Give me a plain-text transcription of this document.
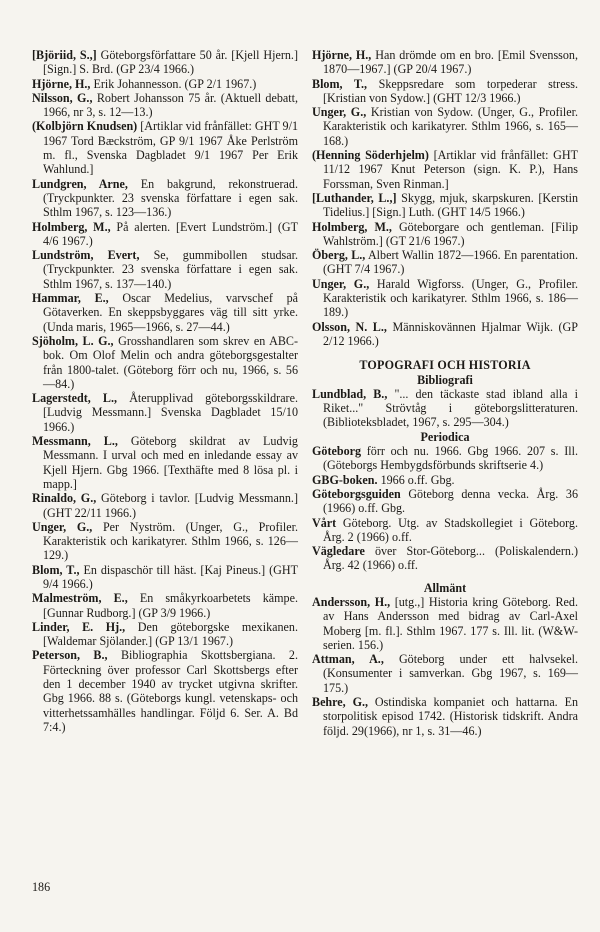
[Björiid, S.,] Göteborgsförfattare 50 år. [Kjell Hjern.] [Sign.] S. Brd. (GP 23/4 1966.)
Hjörne, H., Erik Johannesson. (GP 2/1 1967.)
Nilsson, G., Robert Johansson 75 år. (Aktuell debatt, 1966, nr 3, s. 12—13.)
(Kolbjörn Knudsen) [Artiklar vid frånfället: GHT 9/1 1967 Tord Bæckström, GP 9/1 1967 Åke Perlström m. fl., Svenska Dagbladet 9/1 1967 Per Erik Wahlund.]
Lundgren, Arne, En bakgrund, rekonstruerad. (Tryckpunkter. 23 svenska författare i egen sak. Sthlm 1967, s. 123—136.)
Holmberg, M., På alerten. [Evert Lundström.] (GT 4/6 1967.)
Lundström, Evert, Se, gummibollen studsar. (Tryckpunkter. 23 svenska författare i egen sak. Sthlm 1967, s. 137—140.)
Hammar, E., Oscar Medelius, varvschef på Götaverken. En skeppsbyggares väg till sitt yrke. (Unda maris, 1965—1966, s. 27—44.)
Sjöholm, L. G., Grosshandlaren som skrev en ABC-bok. Om Olof Melin och andra göteborgsgestalter från 1800-talet. (Göteborg förr och nu, 1966, s. 56—84.)
Lagerstedt, L., Återupplivad göteborgsskildrare. [Ludvig Messmann.] Svenska Dagbladet 15/10 1966.)
Messmann, L., Göteborg skildrat av Ludvig Messmann. I urval och med en inledande essay av Kjell Hjern. Gbg 1966. [Texthäfte med 8 lösa pl. i mapp.]
Rinaldo, G., Göteborg i tavlor. [Ludvig Messmann.] (GHT 22/11 1966.)
Unger, G., Per Nyström. (Unger, G., Profiler. Karakteristik och karikatyrer. Sthlm 1966, s. 126—129.)
Blom, T., En dispaschör till häst. [Kaj Pineus.] (GHT 9/4 1966.)
Malmeström, E., En småkyrkoarbetets kämpe. [Gunnar Rudborg.] (GP 3/9 1966.)
Linder, E. Hj., Den göteborgske mexikanen. [Waldemar Sjölander.] (GP 13/1 1967.)
Peterson, B., Bibliographia Skottsbergiana. 2. Förteckning över professor Carl Skottsbergs efter den 1 december 1940 av trycket utgivna skrifter. Gbg 1966. 88 s. (Göteborgs kungl. vetenskaps- och vitterhetssamhälles handlingar. Följd 6. Ser. A. Bd 7:4.)
Hjörne, H., Han drömde om en bro. [Emil Svensson, 1870—1967.] (GP 20/4 1967.)
Blom, T., Skeppsredare som torpederar stress. [Kristian von Sydow.] (GHT 12/3 1966.)
Unger, G., Kristian von Sydow. (Unger, G., Profiler. Karakteristik och karikatyrer. Sthlm 1966, s. 165—168.)
(Henning Söderhjelm) [Artiklar vid frånfället: GHT 11/12 1967 Knut Peterson (sign. K. P.), Hans Forssman, Sven Rinman.]
[Luthander, L.,] Skygg, mjuk, skarpskuren. [Kerstin Tidelius.] [Sign.] Luth. (GHT 14/5 1966.)
Holmberg, M., Göteborgare och gentleman. [Filip Wahlström.] (GT 21/6 1967.)
Öberg, L., Albert Wallin 1872—1966. En parentation. (GHT 7/4 1967.)
Unger, G., Harald Wigforss. (Unger, G., Profiler. Karakteristik och karikatyrer. Sthlm 1966, s. 186—189.)
Olsson, N. L., Människovännen Hjalmar Wijk. (GP 2/12 1966.)
TOPOGRAFI OCH HISTORIA
Bibliografi
Lundblad, B., "... den täckaste stad ibland alla i Riket..." Strövtåg i göteborgslitteraturen. (Biblioteksbladet, 1967, s. 295—304.)
Periodica
Göteborg förr och nu. 1966. Gbg 1966. 207 s. Ill. (Göteborgs Hembygdsförbunds skriftserie 4.)
GBG-boken. 1966 o.ff. Gbg.
Göteborgsguiden Göteborg denna vecka. Årg. 36 (1966) o.ff. Gbg.
Vårt Göteborg. Utg. av Stadskollegiet i Göteborg. Årg. 2 (1966) o.ff.
Vägledare över Stor-Göteborg... (Poliskalendern.) Årg. 42 (1966) o.ff.
Allmänt
Andersson, H., [utg.,] Historia kring Göteborg. Red. av Hans Andersson med bidrag av Carl-Axel Moberg [m. fl.]. Sthlm 1967. 177 s. Ill. lit. (W&W-serien. 156.)
Attman, A., Göteborg under ett halvsekel. (Konsumenter i samverkan. Gbg 1967, s. 169—175.)
Behre, G., Ostindiska kompaniet och hattarna. En storpolitisk episod 1742. (Historisk tidskrift. Andra följd. 29(1966), nr 1, s. 31—46.)
186
